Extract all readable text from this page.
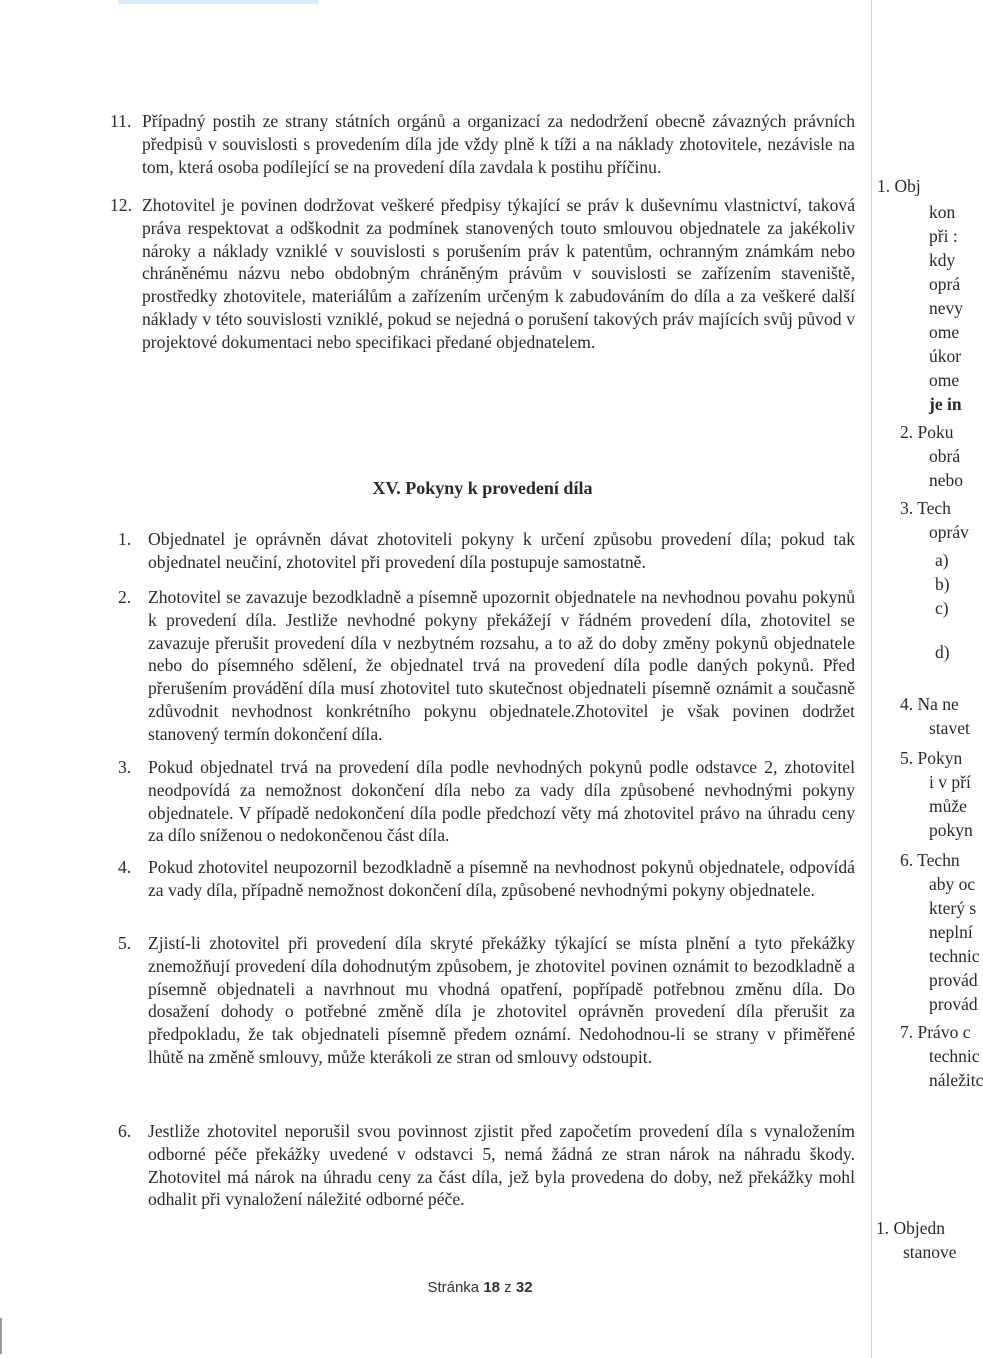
11. Případný postih ze strany státních orgánů a organizací za nedodržení obecně závazných právních předpisů v souvislosti s provedením díla jde vždy plně k tíži a na náklady zhotovitele, nezávisle na tom, která osoba podílející se na provedení díla zavdala k postihu příčinu.
12. Zhotovitel je povinen dodržovat veškeré předpisy týkající se práv k duševnímu vlastnictví, taková práva respektovat a odškodnit za podmínek stanovených touto smlouvou objednatele za jakékoliv nároky a náklady vzniklé v souvislosti s porušením práv k patentům, ochranným známkám nebo chráněnému názvu nebo obdobným chráněným právům v souvislosti se zařízením staveniště, prostředky zhotovitele, materiálům a zařízením určeným k zabudováním do díla a za veškeré další náklady v této souvislosti vzniklé, pokud se nejedná o porušení takových práv majících svůj původ v projektové dokumentaci nebo specifikaci předané objednatelem.
XV. Pokyny k provedení díla
1. Objednatel je oprávněn dávat zhotoviteli pokyny k určení způsobu provedení díla; pokud tak objednatel neučiní, zhotovitel při provedení díla postupuje samostatně.
2. Zhotovitel se zavazuje bezodkladně a písemně upozornit objednatele na nevhodnou povahu pokynů k provedení díla. Jestliže nevhodné pokyny překážejí v řádném provedení díla, zhotovitel se zavazuje přerušit provedení díla v nezbytném rozsahu, a to až do doby změny pokynů objednatele nebo do písemného sdělení, že objednatel trvá na provedení díla podle daných pokynů. Před přerušením provádění díla musí zhotovitel tuto skutečnost objednateli písemně oznámit a současně zdůvodnit nevhodnost konkrétního pokynu objednatele.Zhotovitel je však povinen dodržet stanovený termín dokončení díla.
3. Pokud objednatel trvá na provedení díla podle nevhodných pokynů podle odstavce 2, zhotovitel neodpovídá za nemožnost dokončení díla nebo za vady díla způsobené nevhodnými pokyny objednatele. V případě nedokončení díla podle předchozí věty má zhotovitel právo na úhradu ceny za dílo sníženou o nedokončenou část díla.
4. Pokud zhotovitel neupozornil bezodkladně a písemně na nevhodnost pokynů objednatele, odpovídá za vady díla, případně nemožnost dokončení díla, způsobené nevhodnými pokyny objednatele.
5. Zjistí-li zhotovitel při provedení díla skryté překážky týkající se místa plnění a tyto překážky znemožňují provedení díla dohodnutým způsobem, je zhotovitel povinen oznámit to bezodkladně a písemně objednateli a navrhnout mu vhodná opatření, popřípadě potřebnou změnu díla. Do dosažení dohody o potřebné změně díla je zhotovitel oprávněn provedení díla přerušit za předpokladu, že tak objednateli písemně předem oznámí. Nedohodnou-li se strany v přiměřené lhůtě na změně smlouvy, může kterákoli ze stran od smlouvy odstoupit.
6. Jestliže zhotovitel neporušil svou povinnost zjistit před započetím provedení díla s vynaložením odborné péče překážky uvedené v odstavci 5, nemá žádná ze stran nárok na náhradu škody. Zhotovitel má nárok na úhradu ceny za část díla, jež byla provedena do doby, než překážky mohl odhalit při vynaložení náležité odborné péče.
Stránka 18 z 32
1. Obj
kon
při :
kdy
oprá
nevy
ome
úkor
ome
je in
2. Poku
obrá
nebo
3. Tech
opráv
a)
b)
c)
d)
4. Na ne
stavet
5. Pokyn
i v pří
může
pokyn
6. Techn
aby oc
který s
neplní
technic
provád
provád
7. Právo c
technic
náležitc
1. Objedn
stanove
